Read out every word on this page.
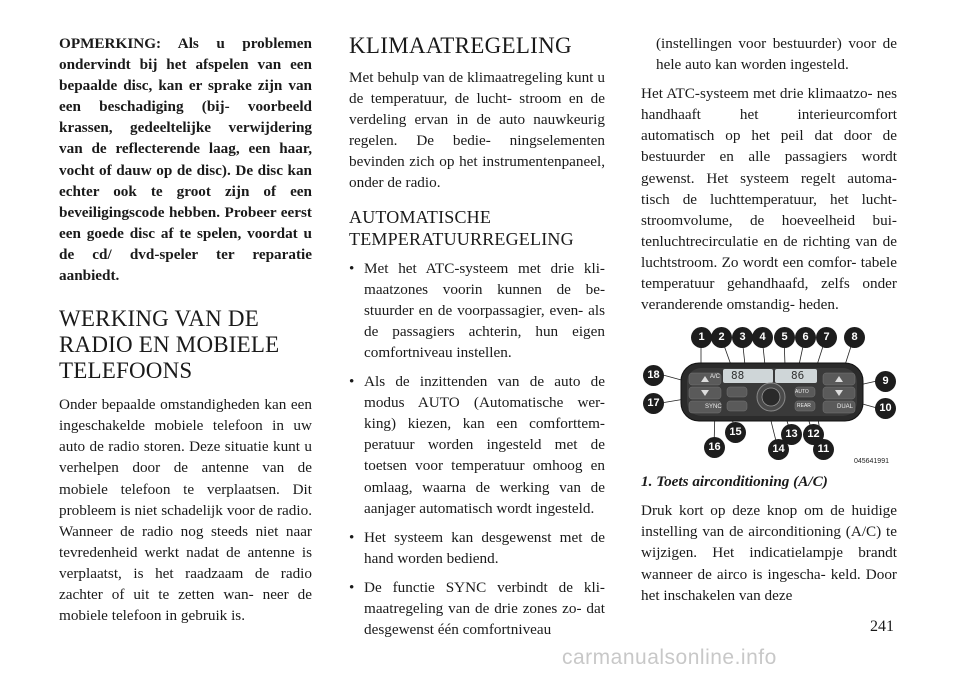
OPMERKING: Als u problemen ondervindt bij het afspelen van een bepaalde disc, kan er sprake zijn van een beschadiging (bij- voorbeeld krassen, gedeeltelijke verwijdering van de reflecterende laag, een haar, vocht of dauw op de disc). De disc kan echter ook te groot zijn of een beveiligingscode hebben. Probeer eerst een goede disc af te spelen, voordat u de cd/ dvd-speler ter reparatie aanbiedt.

WERKING VAN DE
RADIO EN MOBIELE
TELEFOONS

Onder bepaalde omstandigheden kan een ingeschakelde mobiele telefoon in uw auto de radio storen. Deze situatie kunt u verhelpen door de antenne van de mobiele telefoon te verplaatsen. Dit probleem is niet schadelijk voor de radio. Wanneer de radio nog steeds niet naar tevredenheid werkt nadat de antenne is verplaatst, is het raadzaam de radio zachter of uit te zetten wan- neer de mobiele telefoon in gebruik is.

KLIMAATREGELING

Met behulp van de klimaatregeling kunt u de temperatuur, de lucht- stroom en de verdeling ervan in de auto nauwkeurig regelen. De bedie- ningselementen bevinden zich op het instrumentenpaneel, onder de radio.

AUTOMATISCHE
TEMPERATUURREGELING
• Met het ATC-systeem met drie kli- maatzones voorin kunnen de be- stuurder en de voorpassagier, even- als de passagiers achterin, hun eigen comfortniveau instellen.
• Als de inzittenden van de auto de modus AUTO (Automatische wer- king) kiezen, kan een comforttem- peratuur worden ingesteld met de toetsen voor temperatuur omhoog en omlaag, waarna de werking van de aanjager automatisch wordt ingesteld.
• Het systeem kan desgewenst met de hand worden bediend.
• De functie SYNC verbindt de kli- maatregeling van de drie zones zo- dat desgewenst één comfortniveau

(instellingen voor bestuurder) voor de hele auto kan worden ingesteld.

Het ATC-systeem met drie klimaatzo- nes handhaaft het interieurcomfort automatisch op het peil dat door de bestuurder en alle passagiers wordt gewenst. Het systeem regelt automa- tisch de luchttemperatuur, het lucht- stroomvolume, de hoeveelheid bui- tenluchtrecirculatie en de richting van de luchtstroom. Zo wordt een comfor- tabele temperatuur gehandhaafd, zelfs onder veranderende omstandig- heden.

A/C
SYNC
AUTO
REAR	DUAL
88	86
1	2	3	4	5	6	7	8
9
10
11
12
13
14
15
16
17
18
045641991

1. Toets airconditioning (A/C)

Druk kort op deze knop om de huidige instelling van de airconditioning (A/C) te wijzigen. Het indicatielampje brandt wanneer de airco is ingescha- keld. Door het inschakelen van deze

241
carmanualsonline.info
